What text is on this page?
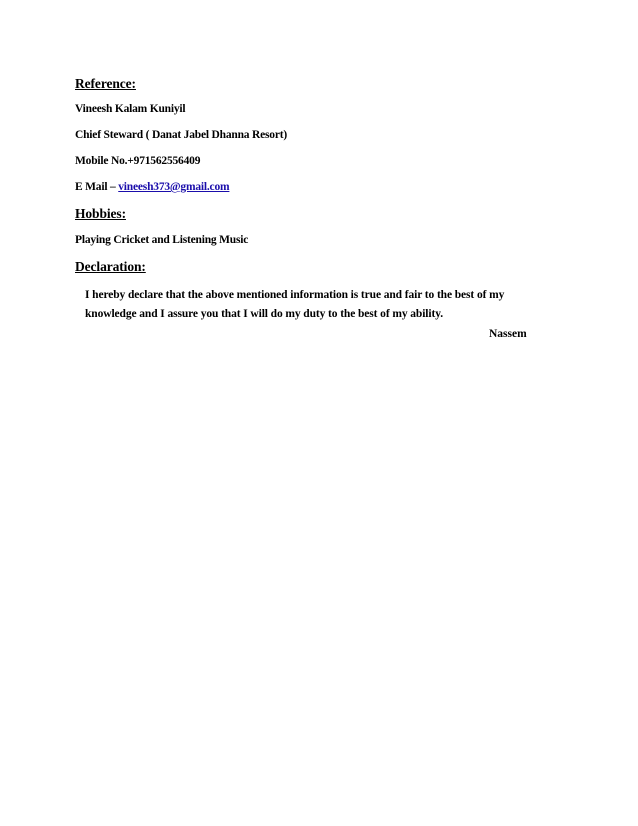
Reference:
Vineesh Kalam Kuniyil
Chief Steward ( Danat Jabel Dhanna Resort)
Mobile No.+971562556409
E Mail – vineesh373@gmail.com
Hobbies:
Playing Cricket and Listening Music
Declaration:
I hereby declare that the above mentioned information is true and fair to the best of my
knowledge and I assure you that I will do my duty to the best of my ability.
Nassem
